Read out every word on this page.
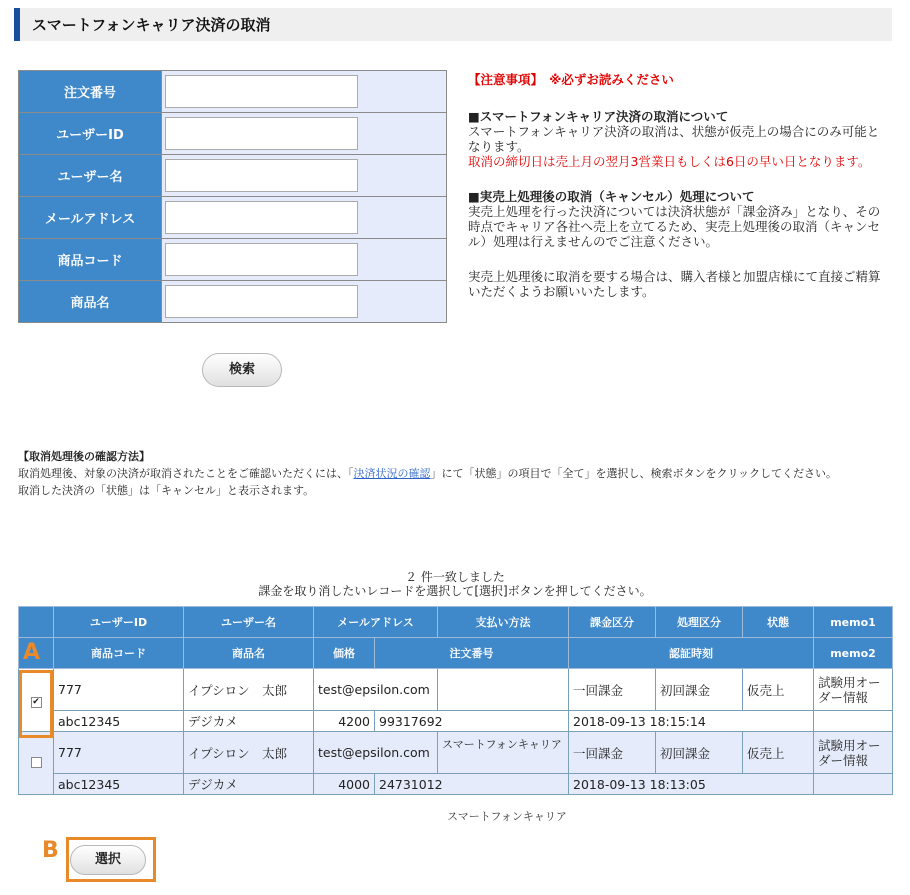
スマートフォンキャリア決済の取消
注文番号	
ユーザーID	
ユーザー名	
メールアドレス	
商品コード	
商品名	

【注意事項】　※必ずお読みください

■スマートフォンキャリア決済の取消について

スマートフォンキャリア決済の取消は、状態が仮売上の場合にのみ可能となります。

取消の締切日は売上月の翌月3営業日もしくは6日の早い日となります。

■実売上処理後の取消（キャンセル）処理について

実売上処理を行った決済については決済状態が「課金済み」となり、その時点でキャリア各社へ売上を立てるため、実売上処理後の取消（キャンセル）処理は行えませんのでご注意ください。

実売上処理後に取消を要する場合は、購入者様と加盟店様にて直接ご精算いただくようお願いいたします。

検索
【取消処理後の確認方法】
取消処理後、対象の決済が取消されたことをご確認いただくには、「決済状況の確認」にて「状態」の項目で「全て」を選択し、検索ボタンをクリックしてください。
取消した決済の「状態」は「キャンセル」と表示されます。
２ 件一致しました
課金を取り消したいレコードを選択して[選択]ボタンを押してください。
	ユーザーID	ユーザー名	メールアドレス		支払い方法	課金区分	処理区分	状態	memo1
	商品コード	商品名	価格	注文番号		認証時刻			memo2
✔	777	イプシロン　太郎	test@epsilon.com			一回課金	初回課金	仮売上	試験用オーダー情報
	abc12345	デジカメ	4200	99317692		2018-09-13 18:15:14			
	777	イプシロン　太郎	test@epsilon.com		スマートフォンキャリア	一回課金	初回課金	仮売上	試験用オーダー情報
	abc12345	デジカメ	4000	24731012		2018-09-13 18:13:05			
スマートフォンキャリア
選択
A
B
